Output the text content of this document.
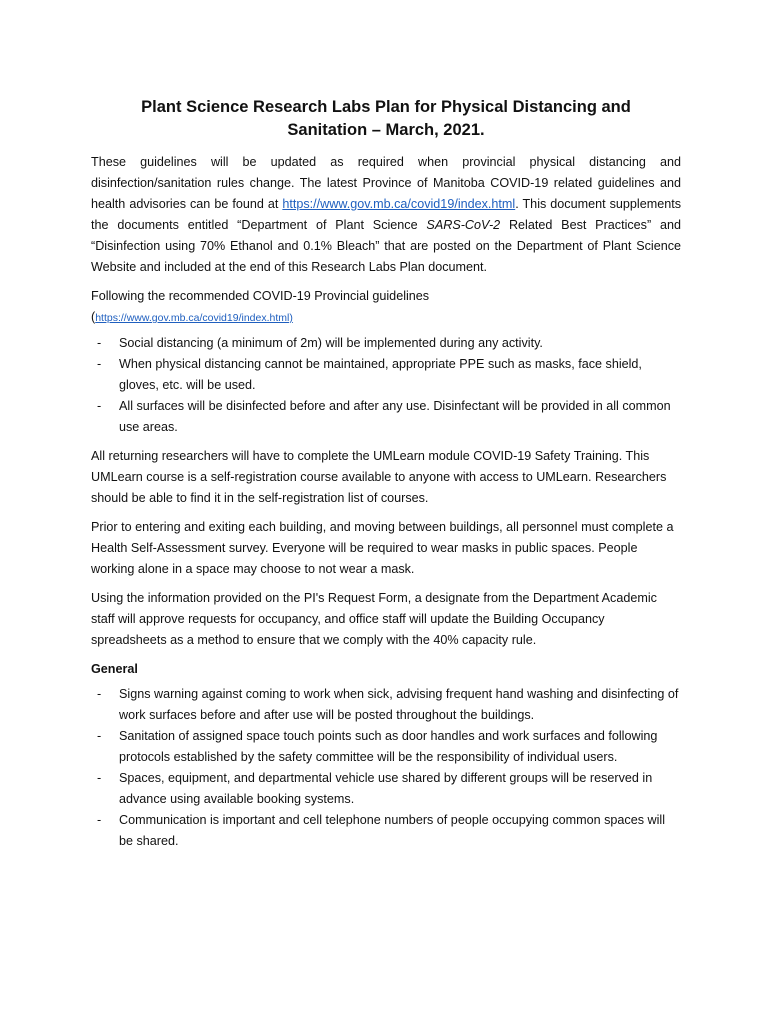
Plant Science Research Labs Plan for Physical Distancing and
Sanitation – March, 2021.

These guidelines will be updated as required when provincial physical distancing and disinfection/sanitation rules change. The latest Province of Manitoba COVID-19 related guidelines and health advisories can be found at https://www.gov.mb.ca/covid19/index.html. This document supplements the documents entitled “Department of Plant Science SARS-CoV-2 Related Best Practices” and “Disinfection using 70% Ethanol and 0.1% Bleach” that are posted on the Department of Plant Science Website and included at the end of this Research Labs Plan document.

Following the recommended COVID-19 Provincial guidelines

(https://www.gov.mb.ca/covid19/index.html)

- Social distancing (a minimum of 2m) will be implemented during any activity.
- When physical distancing cannot be maintained, appropriate PPE such as masks, face shield, gloves, etc. will be used.
- All surfaces will be disinfected before and after any use. Disinfectant will be provided in all common use areas.

All returning researchers will have to complete the UMLearn module COVID-19 Safety Training. This UMLearn course is a self-registration course available to anyone with access to UMLearn. Researchers should be able to find it in the self-registration list of courses.

Prior to entering and exiting each building, and moving between buildings, all personnel must complete a Health Self-Assessment survey. Everyone will be required to wear masks in public spaces. People working alone in a space may choose to not wear a mask.

Using the information provided on the PI's Request Form, a designate from the Department Academic staff will approve requests for occupancy, and office staff will update the Building Occupancy spreadsheets as a method to ensure that we comply with the 40% capacity rule.

General

- Signs warning against coming to work when sick, advising frequent hand washing and disinfecting of work surfaces before and after use will be posted throughout the buildings.
- Sanitation of assigned space touch points such as door handles and work surfaces and following protocols established by the safety committee will be the responsibility of individual users.
- Spaces, equipment, and departmental vehicle use shared by different groups will be reserved in advance using available booking systems.
- Communication is important and cell telephone numbers of people occupying common spaces will be shared.
